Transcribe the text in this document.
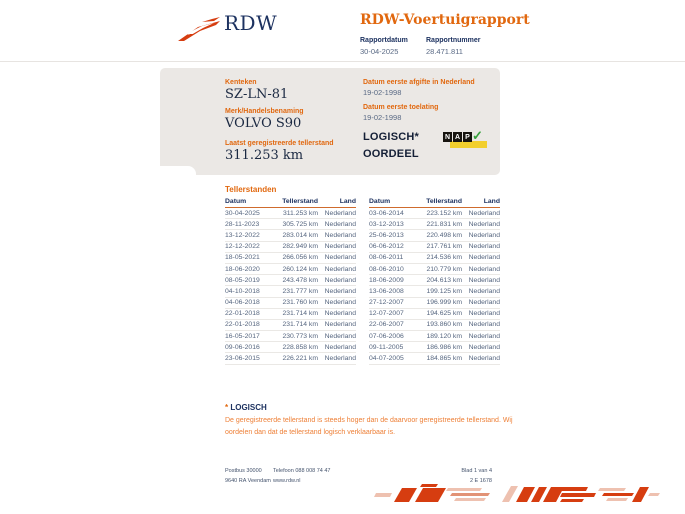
RDW	RDW-Voertuigrapport
Rapportdatum
30-04-2025
Rapportnummer
28.471.811
Kenteken
SZ-LN-81
Merk/Handelsbenaming
VOLVO S90
Laatst geregistreerde tellerstand
311.253 km
Datum eerste afgifte in Nederland
19-02-1998
Datum eerste toelating
19-02-1998
LOGISCH*
OORDEEL
N A P ✓
Tellerstanden
Datum	Tellerstand	Land
30-04-2025	311.253 km Nederland
28-11-2023	305.725 km Nederland
13-12-2022	283.014 km Nederland
12-12-2022	282.949 km Nederland
18-05-2021	266.056 km Nederland
18-06-2020	260.124 km Nederland
08-05-2019	243.478 km Nederland
04-10-2018	231.777 km Nederland
04-06-2018	231.760 km Nederland
22-01-2018	231.714 km Nederland
22-01-2018	231.714 km Nederland
16-05-2017	230.773 km Nederland
09-06-2016	228.858 km Nederland
23-06-2015	226.221 km Nederland
Datum	Tellerstand	Land
03-06-2014	223.152 km Nederland
03-12-2013	221.831 km Nederland
25-06-2013	220.498 km Nederland
06-06-2012	217.761 km Nederland
08-06-2011	214.536 km Nederland
08-06-2010	210.779 km Nederland
18-06-2009	204.613 km Nederland
13-06-2008	199.125 km Nederland
27-12-2007	196.999 km Nederland
12-07-2007	194.625 km Nederland
22-06-2007	193.860 km Nederland
07-06-2006	189.120 km Nederland
09-11-2005	186.986 km Nederland
04-07-2005	184.865 km Nederland
* LOGISCH
De geregistreerde tellerstand is steeds hoger dan de daarvoor geregistreerde tellerstand. Wij oordelen dan dat de tellerstand logisch verklaarbaar is.
Postbus 30000
9640 RA Veendam
Telefoon 088 008 74 47
www.rdw.nl
Blad 1 van 4
2 E 1678
